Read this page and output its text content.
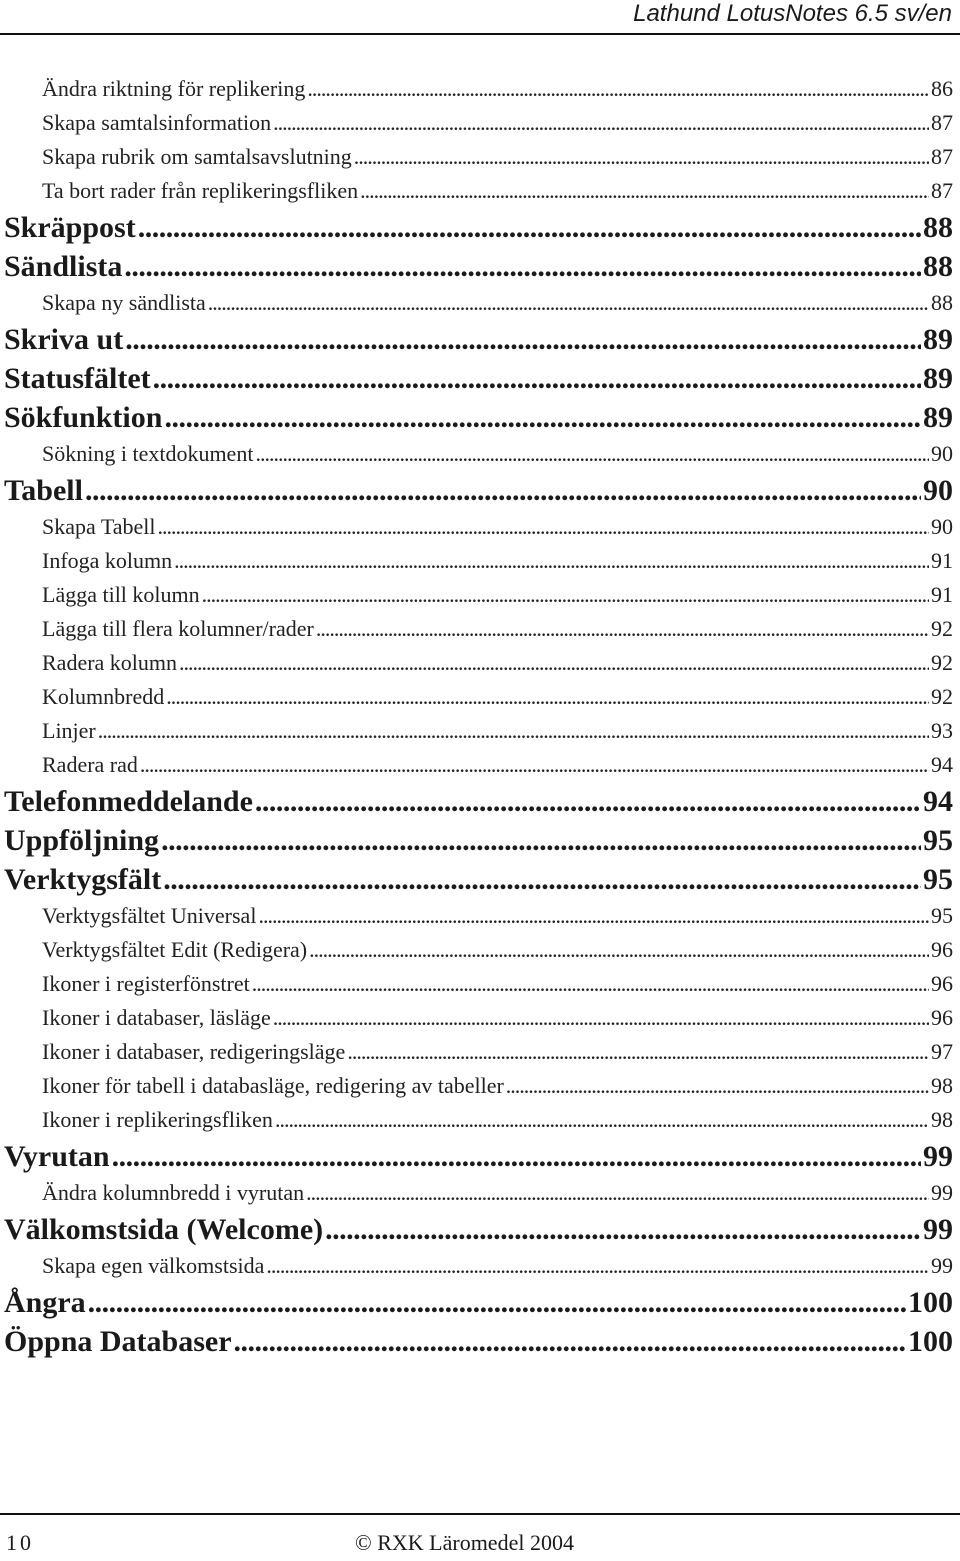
Lathund LotusNotes 6.5 sv/en
Ändra riktning för replikering .....	86
Skapa samtalsinformation .....	87
Skapa rubrik om samtalsavslutning .....	87
Ta bort rader från replikeringsfliken .....	87
Skräppost .....	88
Sändlista .....	88
Skapa ny sändlista .....	88
Skriva ut .....	89
Statusfältet .....	89
Sökfunktion .....	89
Sökning i textdokument .....	90
Tabell .....	90
Skapa Tabell .....	90
Infoga kolumn .....	91
Lägga till kolumn .....	91
Lägga till flera kolumner/rader .....	92
Radera kolumn .....	92
Kolumnbredd .....	92
Linjer .....	93
Radera rad .....	94
Telefonmeddelande .....	94
Uppföljning .....	95
Verktygsfält .....	95
Verktygsfältet Universal .....	95
Verktygsfältet Edit (Redigera) .....	96
Ikoner i registerfönstret .....	96
Ikoner i databaser, läsläge .....	96
Ikoner i databaser, redigeringsläge .....	97
Ikoner för tabell i databasläge, redigering av tabeller .....	98
Ikoner i replikeringsfliken .....	98
Vyrutan .....	99
Ändra kolumnbredd i vyrutan .....	99
Välkomstsida (Welcome) .....	99
Skapa egen välkomstsida .....	99
Ångra .....	100
Öppna Databaser .....	100
10	© RXK Läromedel 2004
